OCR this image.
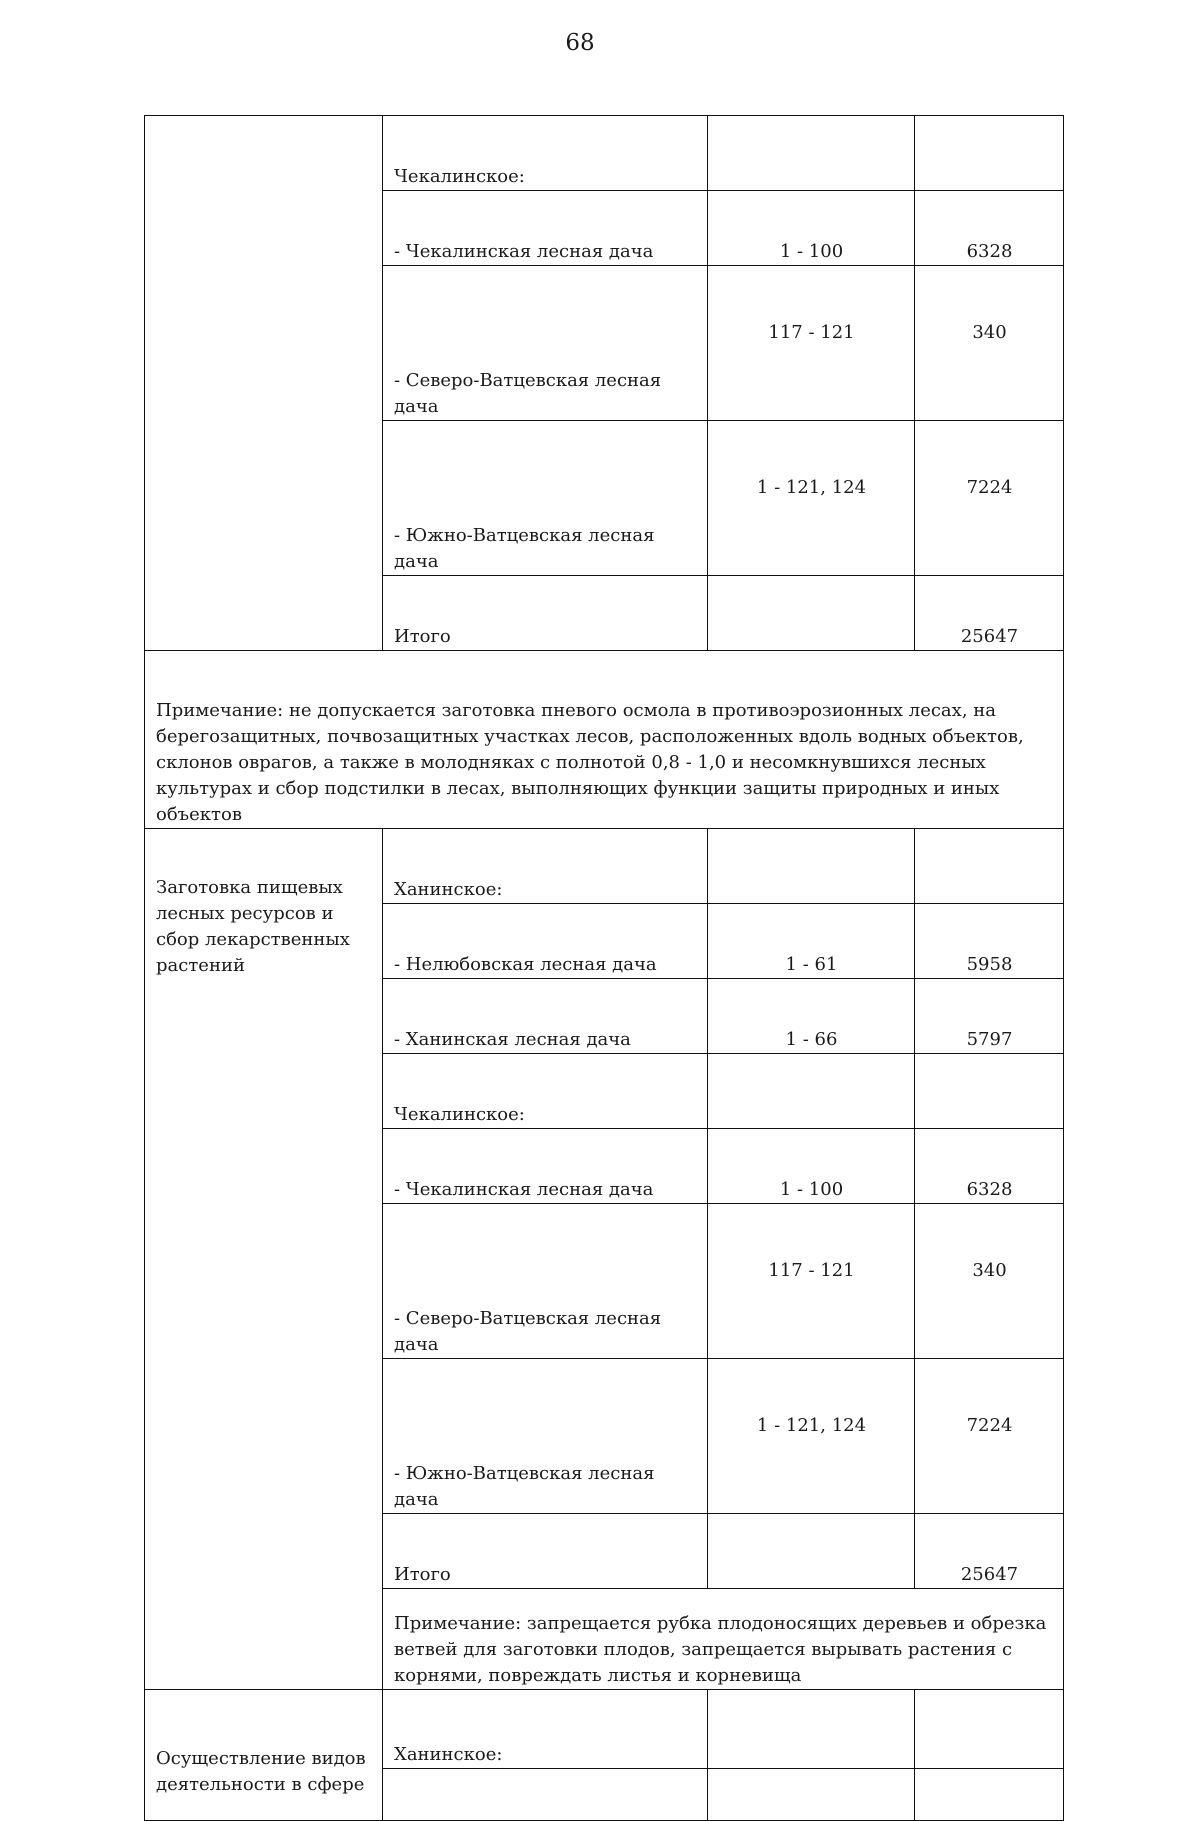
68
	Чекалинское:		
	- Чекалинская лесная дача	1 - 100	6328
	- Северо-Ватцевская лесная дача	117 - 121	340
	- Южно-Ватцевская лесная дача	1 - 121, 124	7224
	Итого		25647
Примечание: не допускается заготовка пневого осмола в противоэрозионных лесах, на берегозащитных, почвозащитных участках лесов, расположенных вдоль водных объектов, склонов оврагов, а также в молодняках с полнотой 0,8 - 1,0 и несомкнувшихся лесных культурах и сбор подстилки в лесах, выполняющих функции защиты природных и иных объектов			
Заготовка пищевых лесных ресурсов и сбор лекарственных растений	Ханинское:		
	- Нелюбовская лесная дача	1 - 61	5958
	- Ханинская лесная дача	1 - 66	5797
	Чекалинское:		
	- Чекалинская лесная дача	1 - 100	6328
	- Северо-Ватцевская лесная дача	117 - 121	340
	- Южно-Ватцевская лесная дача	1 - 121, 124	7224
	Итого		25647
	Примечание: запрещается рубка плодоносящих деревьев и обрезка ветвей для заготовки плодов, запрещается вырывать растения с корнями, повреждать листья и корневища		
Осуществление видов деятельности в сфере	Ханинское:		
